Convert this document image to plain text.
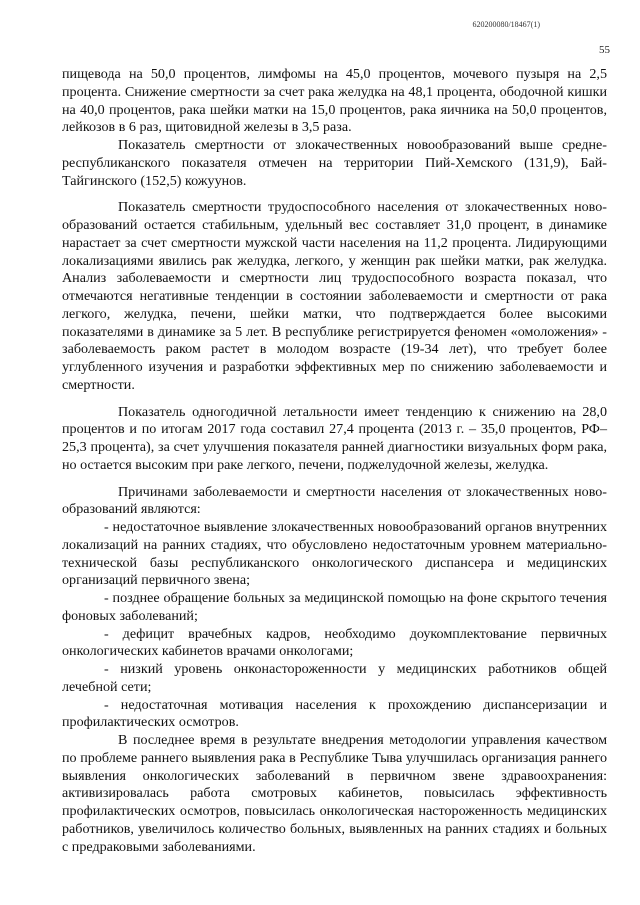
620200080/18467(1)
55

пищевода на 50,0 процентов, лимфомы на 45,0 процентов, мочевого пузыря на 2,5 процента. Снижение смертности за счет рака желудка на 48,1 процента, ободочной кишки на 40,0 процентов, рака шейки матки на 15,0 процентов, рака яичника на 50,0 процентов, лейкозов в 6 раз, щитовидной железы в 3,5 раза.

Показатель смертности от злокачественных новообразований выше средне-республиканского показателя отмечен на территории Пий-Хемского (131,9), Бай-Тайгинского (152,5) кожуунов.

Показатель смертности трудоспособного населения от злокачественных ново-образований остается стабильным, удельный вес составляет 31,0 процент, в динамике нарастает за счет смертности мужской части населения на 11,2 процента. Лидирующими локализациями явились рак желудка, легкого, у женщин рак шейки матки, рак желудка. Анализ заболеваемости и смертности лиц трудоспособного возраста показал, что отмечаются негативные тенденции в состоянии заболеваемости и смертности от рака легкого, желудка, печени, шейки матки, что подтверждается более высокими показателями в динамике за 5 лет. В республике регистрируется феномен «омоложения» - заболеваемость раком растет в молодом возрасте (19-34 лет), что требует более углубленного изучения и разработки эффективных мер по снижению заболеваемости и смертности.

Показатель одногодичной летальности имеет тенденцию к снижению на 28,0 процентов и по итогам 2017 года составил 27,4 процента (2013 г. – 35,0 процентов, РФ– 25,3 процента), за счет улучшения показателя ранней диагностики визуальных форм рака, но остается высоким при раке легкого, печени, поджелудочной железы, желудка.

Причинами заболеваемости и смертности населения от злокачественных ново-образований являются:

- недостаточное выявление злокачественных новообразований органов внутренних локализаций на ранних стадиях, что обусловлено недостаточным уровнем материально-технической базы республиканского онкологического диспансера и медицинских организаций первичного звена;

- позднее обращение больных за медицинской помощью на фоне скрытого течения фоновых заболеваний;

- дефицит врачебных кадров, необходимо доукомплектование первичных онкологических кабинетов врачами онкологами;

- низкий уровень онконастороженности у медицинских работников общей лечебной сети;

- недостаточная мотивация населения к прохождению диспансеризации и профилактических осмотров.

В последнее время в результате внедрения методологии управления качеством по проблеме раннего выявления рака в Республике Тыва улучшилась организация раннего выявления онкологических заболеваний в первичном звене здравоохранения: активизировалась работа смотровых кабинетов, повысилась эффективность профилактических осмотров, повысилась онкологическая настороженность медицинских работников, увеличилось количество больных, выявленных на ранних стадиях и больных с предраковыми заболеваниями.
